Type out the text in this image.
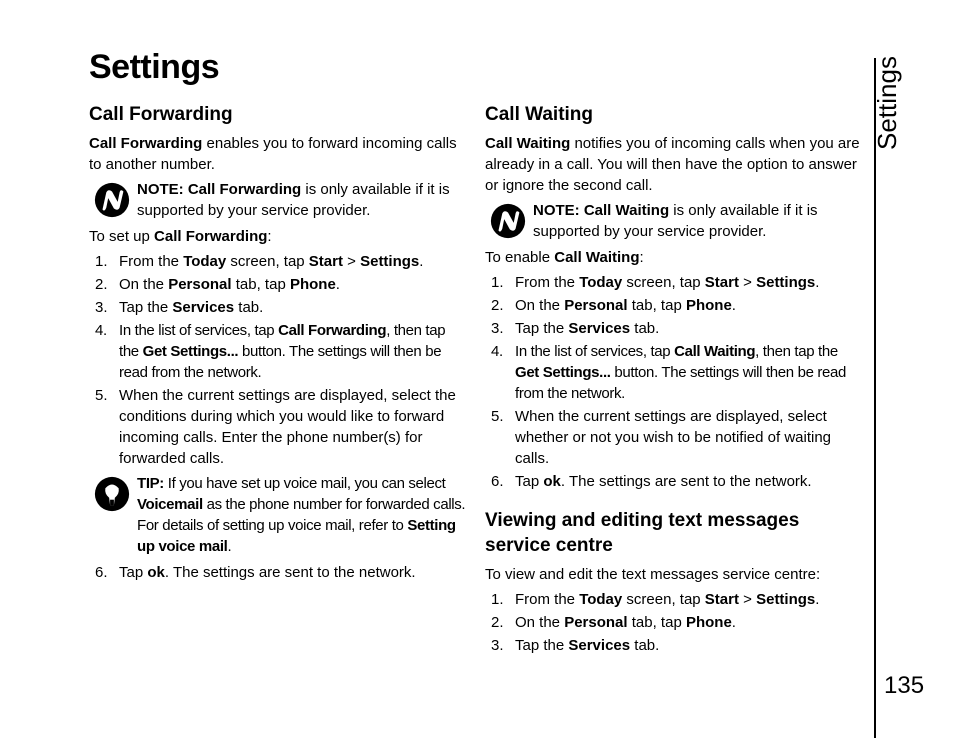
Settings
Call Forwarding

Call Forwarding enables you to forward incoming calls to another number.

NOTE: Call Forwarding is only available if it is supported by your service provider.

To set up Call Forwarding:

1. From the Today screen, tap Start > Settings.
2. On the Personal tab, tap Phone.
3. Tap the Services tab.
4. In the list of services, tap Call Forwarding, then tap the Get Settings... button. The settings will then be read from the network.
5. When the current settings are displayed, select the conditions during which you would like to forward incoming calls. Enter the phone number(s) for forwarded calls.
TIP: If you have set up voice mail, you can select Voicemail as the phone number for forwarded calls. For details of setting up voice mail, refer to Setting up voice mail.
6. Tap ok. The settings are sent to the network.
Call Waiting

Call Waiting notifies you of incoming calls when you are already in a call. You will then have the option to answer or ignore the second call.

NOTE: Call Waiting is only available if it is supported by your service provider.

To enable Call Waiting:

1. From the Today screen, tap Start > Settings.
2. On the Personal tab, tap Phone.
3. Tap the Services tab.
4. In the list of services, tap Call Waiting, then tap the Get Settings... button. The settings will then be read from the network.
5. When the current settings are displayed, select whether or not you wish to be notified of waiting calls.
6. Tap ok. The settings are sent to the network.
Viewing and editing text messages service centre

To view and edit the text messages service centre:

1. From the Today screen, tap Start > Settings.
2. On the Personal tab, tap Phone.
3. Tap the Services tab.
Settings
135
